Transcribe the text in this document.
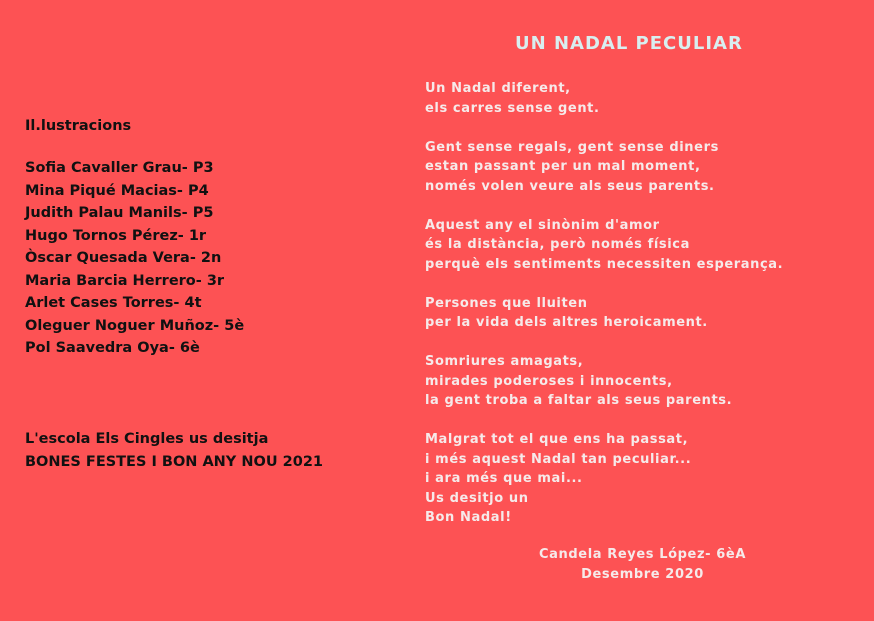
Il.lustracions
Sofia Cavaller Grau- P3
Mina Piqué Macias- P4
Judith Palau Manils- P5
Hugo Tornos Pérez- 1r
Òscar Quesada Vera- 2n
Maria Barcia Herrero- 3r
Arlet Cases Torres- 4t
Oleguer Noguer Muñoz- 5è
Pol Saavedra Oya- 6è
L'escola Els Cingles us desitja
BONES FESTES I BON ANY NOU 2021
UN NADAL PECULIAR
Un Nadal diferent,
els carres sense gent.
Gent sense regals, gent sense diners
estan passant per un mal moment,
només volen veure als seus parents.
Aquest any el sinònim d'amor
és la distància, però només física
perquè els sentiments necessiten esperança.
Persones que lluiten
per la vida dels altres heroicament.
Somriures amagats,
mirades poderoses i innocents,
la gent troba a faltar als seus parents.
Malgrat tot el que ens ha passat,
i més aquest Nadal tan peculiar...
i ara més que mai...
Us desitjo un
Bon Nadal!
Candela Reyes López- 6èA
Desembre 2020
